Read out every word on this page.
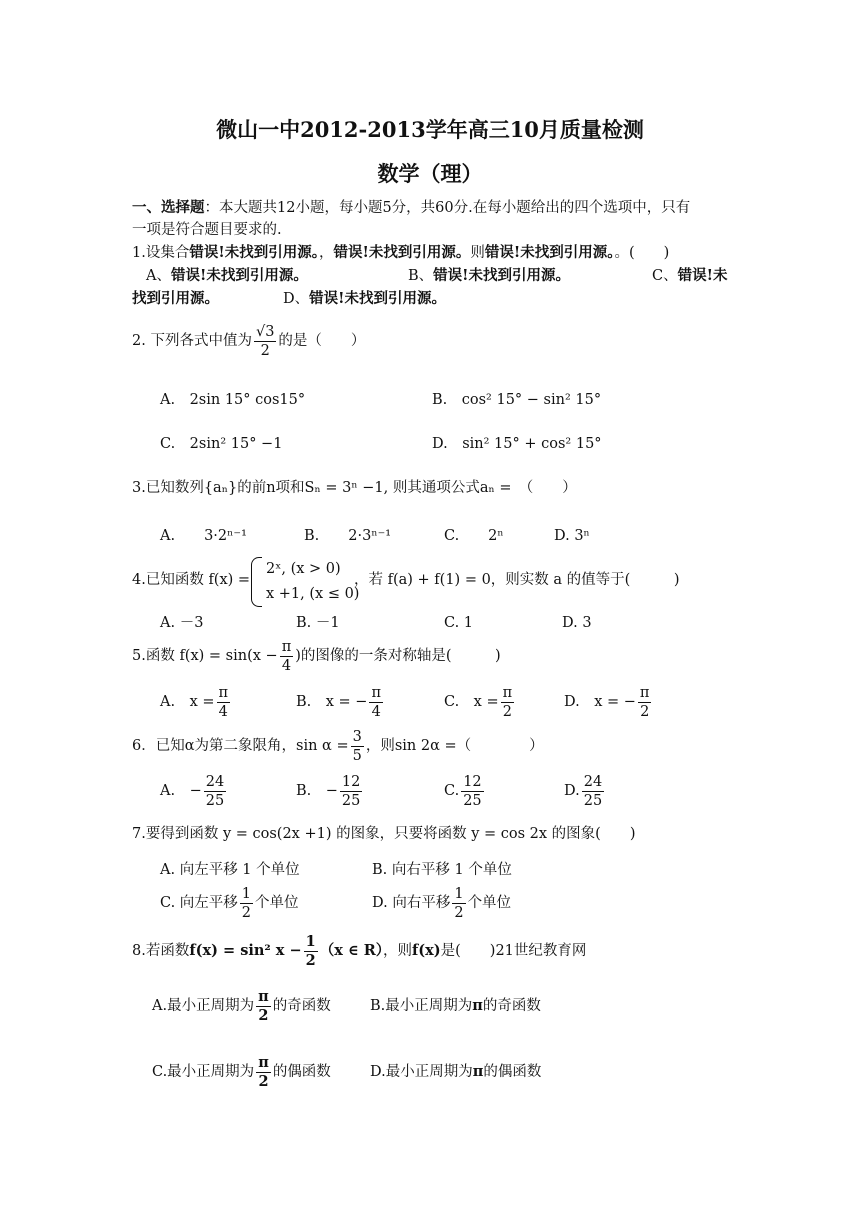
微山一中2012-2013学年高三10月质量检测
数学（理）
一、选择题：本大题共12小题，每小题5分，共60分.在每小题给出的四个选项中，只有
一项是符合题目要求的.
1.设集合错误!未找到引用源。，错误!未找到引用源。则错误!未找到引用源。。(　　)
A、错误!未找到引用源。	B、错误!未找到引用源。	C、错误!未
找到引用源。	D、错误!未找到引用源。
2. 下列各式中值为 $\frac{√3}{2}$ 的是（　　）
A.　2sin 15° cos15°	B.　cos² 15° − sin² 15°
C.　2sin² 15° −1	D.　sin² 15° + cos² 15°
3.已知数列{aₙ}的前n项和Sₙ = 3ⁿ −1, 则其通项公式aₙ =　（　　）
A.　　3·2ⁿ⁻¹	B.　　2·3ⁿ⁻¹	C.　　2ⁿ	D. 3ⁿ
4.已知函数 f(x) =
2ˣ, (x > 0)
x +1, (x ≤ 0)
，若 f(a) + f(1) = 0，则实数 a 的值等于(　　　)
A. －3	B. －1	C. 1	D. 3
5.函数 $f(x) = \sin(x - \frac{\pi}{4}$ )的图像的一条对称轴是(　　　)
A.　$x = \frac{\pi}{4}$	B.　x = − $\frac{\pi}{4}$	C.　$x = \frac{\pi}{2}$	D.　x = − $\frac{\pi}{2}$
6．已知α为第二象限角，$\sin \alpha = \frac{3}{5}$ ，则sin 2α =（　　　　）
A.　− $\frac{24}{25}$	B.　− $\frac{12}{25}$	C. $\frac{12}{25}$	D. $\frac{24}{25}$
7.要得到函数 y = cos(2x +1) 的图象，只要将函数 y = cos 2x 的图象(　　)
A. 向左平移 1 个单位	B. 向右平移 1 个单位
C. 向左平移 $\frac{1}{2}$ 个单位	D. 向右平移 $\frac{1}{2}$ 个单位
8.若函数f(x) = sin² $x - \frac{1}{2} (x$ ∈ R），则f(x)是(　　)21世纪教育网
A.最小正周期为 $\frac{\pi}{2}$ 的奇函数	B.最小正周期为π的奇函数
C.最小正周期为 $\frac{\pi}{2}$ 的偶函数	D.最小正周期为π的偶函数
